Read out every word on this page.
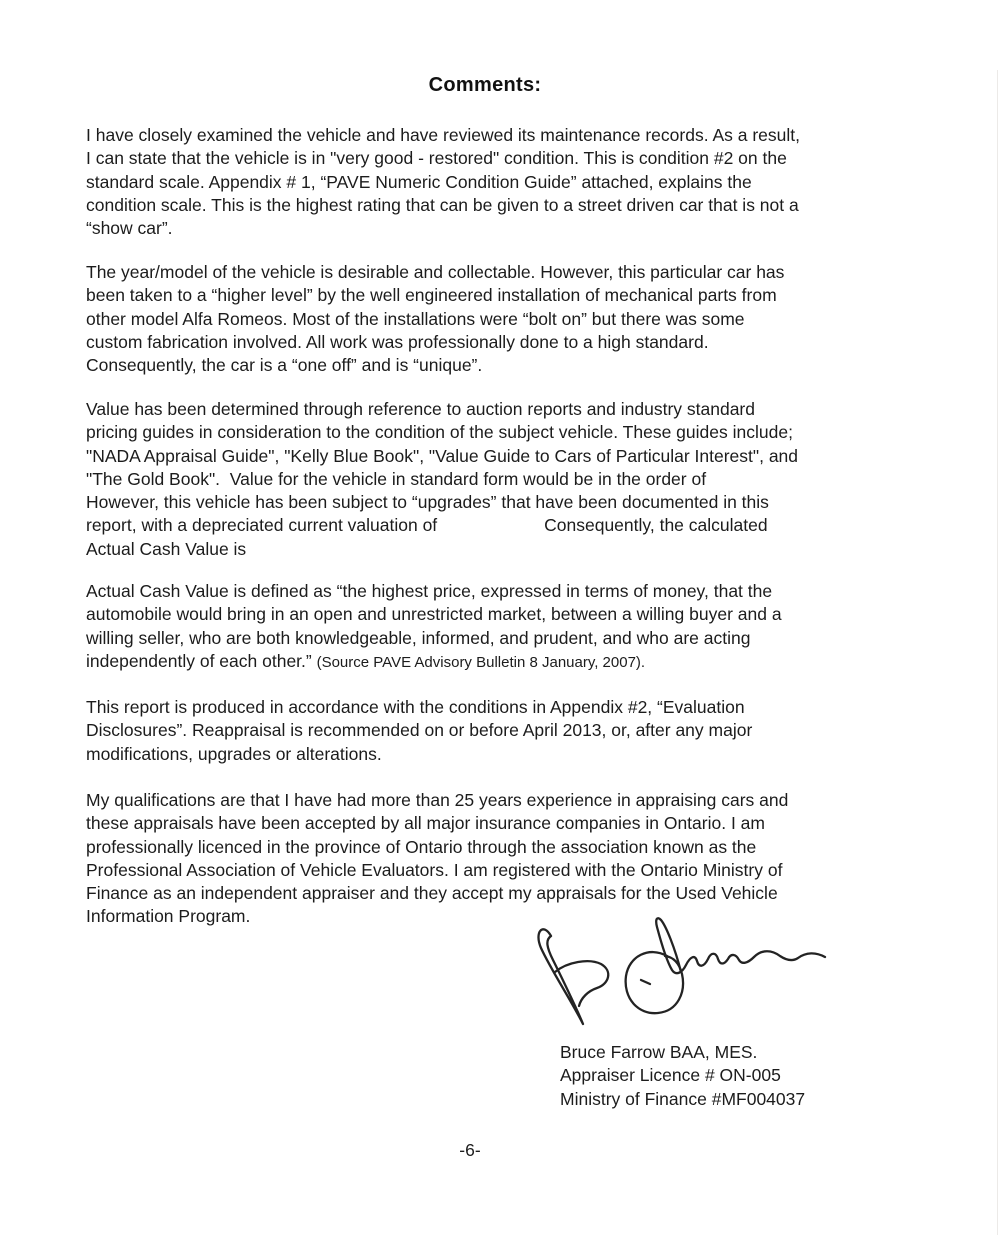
Comments:
I have closely examined the vehicle and have reviewed its maintenance records. As a result,
I can state that the vehicle is in "very good - restored" condition. This is condition #2 on the
standard scale. Appendix # 1, “PAVE Numeric Condition Guide” attached, explains the
condition scale. This is the highest rating that can be given to a street driven car that is not a
“show car”.
The year/model of the vehicle is desirable and collectable. However, this particular car has
been taken to a “higher level” by the well engineered installation of mechanical parts from
other model Alfa Romeos. Most of the installations were “bolt on” but there was some
custom fabrication involved. All work was professionally done to a high standard.
Consequently, the car is a “one off” and is “unique”.
Value has been determined through reference to auction reports and industry standard
pricing guides in consideration to the condition of the subject vehicle. These guides include;
"NADA Appraisal Guide", "Kelly Blue Book", "Value Guide to Cars of Particular Interest", and
"The Gold Book".  Value for the vehicle in standard form would be in the order of
However, this vehicle has been subject to “upgrades” that have been documented in this
report, with a depreciated current valuation of                      Consequently, the calculated
Actual Cash Value is
Actual Cash Value is defined as “the highest price, expressed in terms of money, that the
automobile would bring in an open and unrestricted market, between a willing buyer and a
willing seller, who are both knowledgeable, informed, and prudent, and who are acting
independently of each other.” (Source PAVE Advisory Bulletin 8 January, 2007).
This report is produced in accordance with the conditions in Appendix #2, “Evaluation
Disclosures”. Reappraisal is recommended on or before April 2013, or, after any major
modifications, upgrades or alterations.
My qualifications are that I have had more than 25 years experience in appraising cars and
these appraisals have been accepted by all major insurance companies in Ontario. I am
professionally licenced in the province of Ontario through the association known as the
Professional Association of Vehicle Evaluators. I am registered with the Ontario Ministry of
Finance as an independent appraiser and they accept my appraisals for the Used Vehicle
Information Program.
Bruce Farrow BAA, MES.
Appraiser Licence # ON-005
Ministry of Finance #MF004037
-6-
